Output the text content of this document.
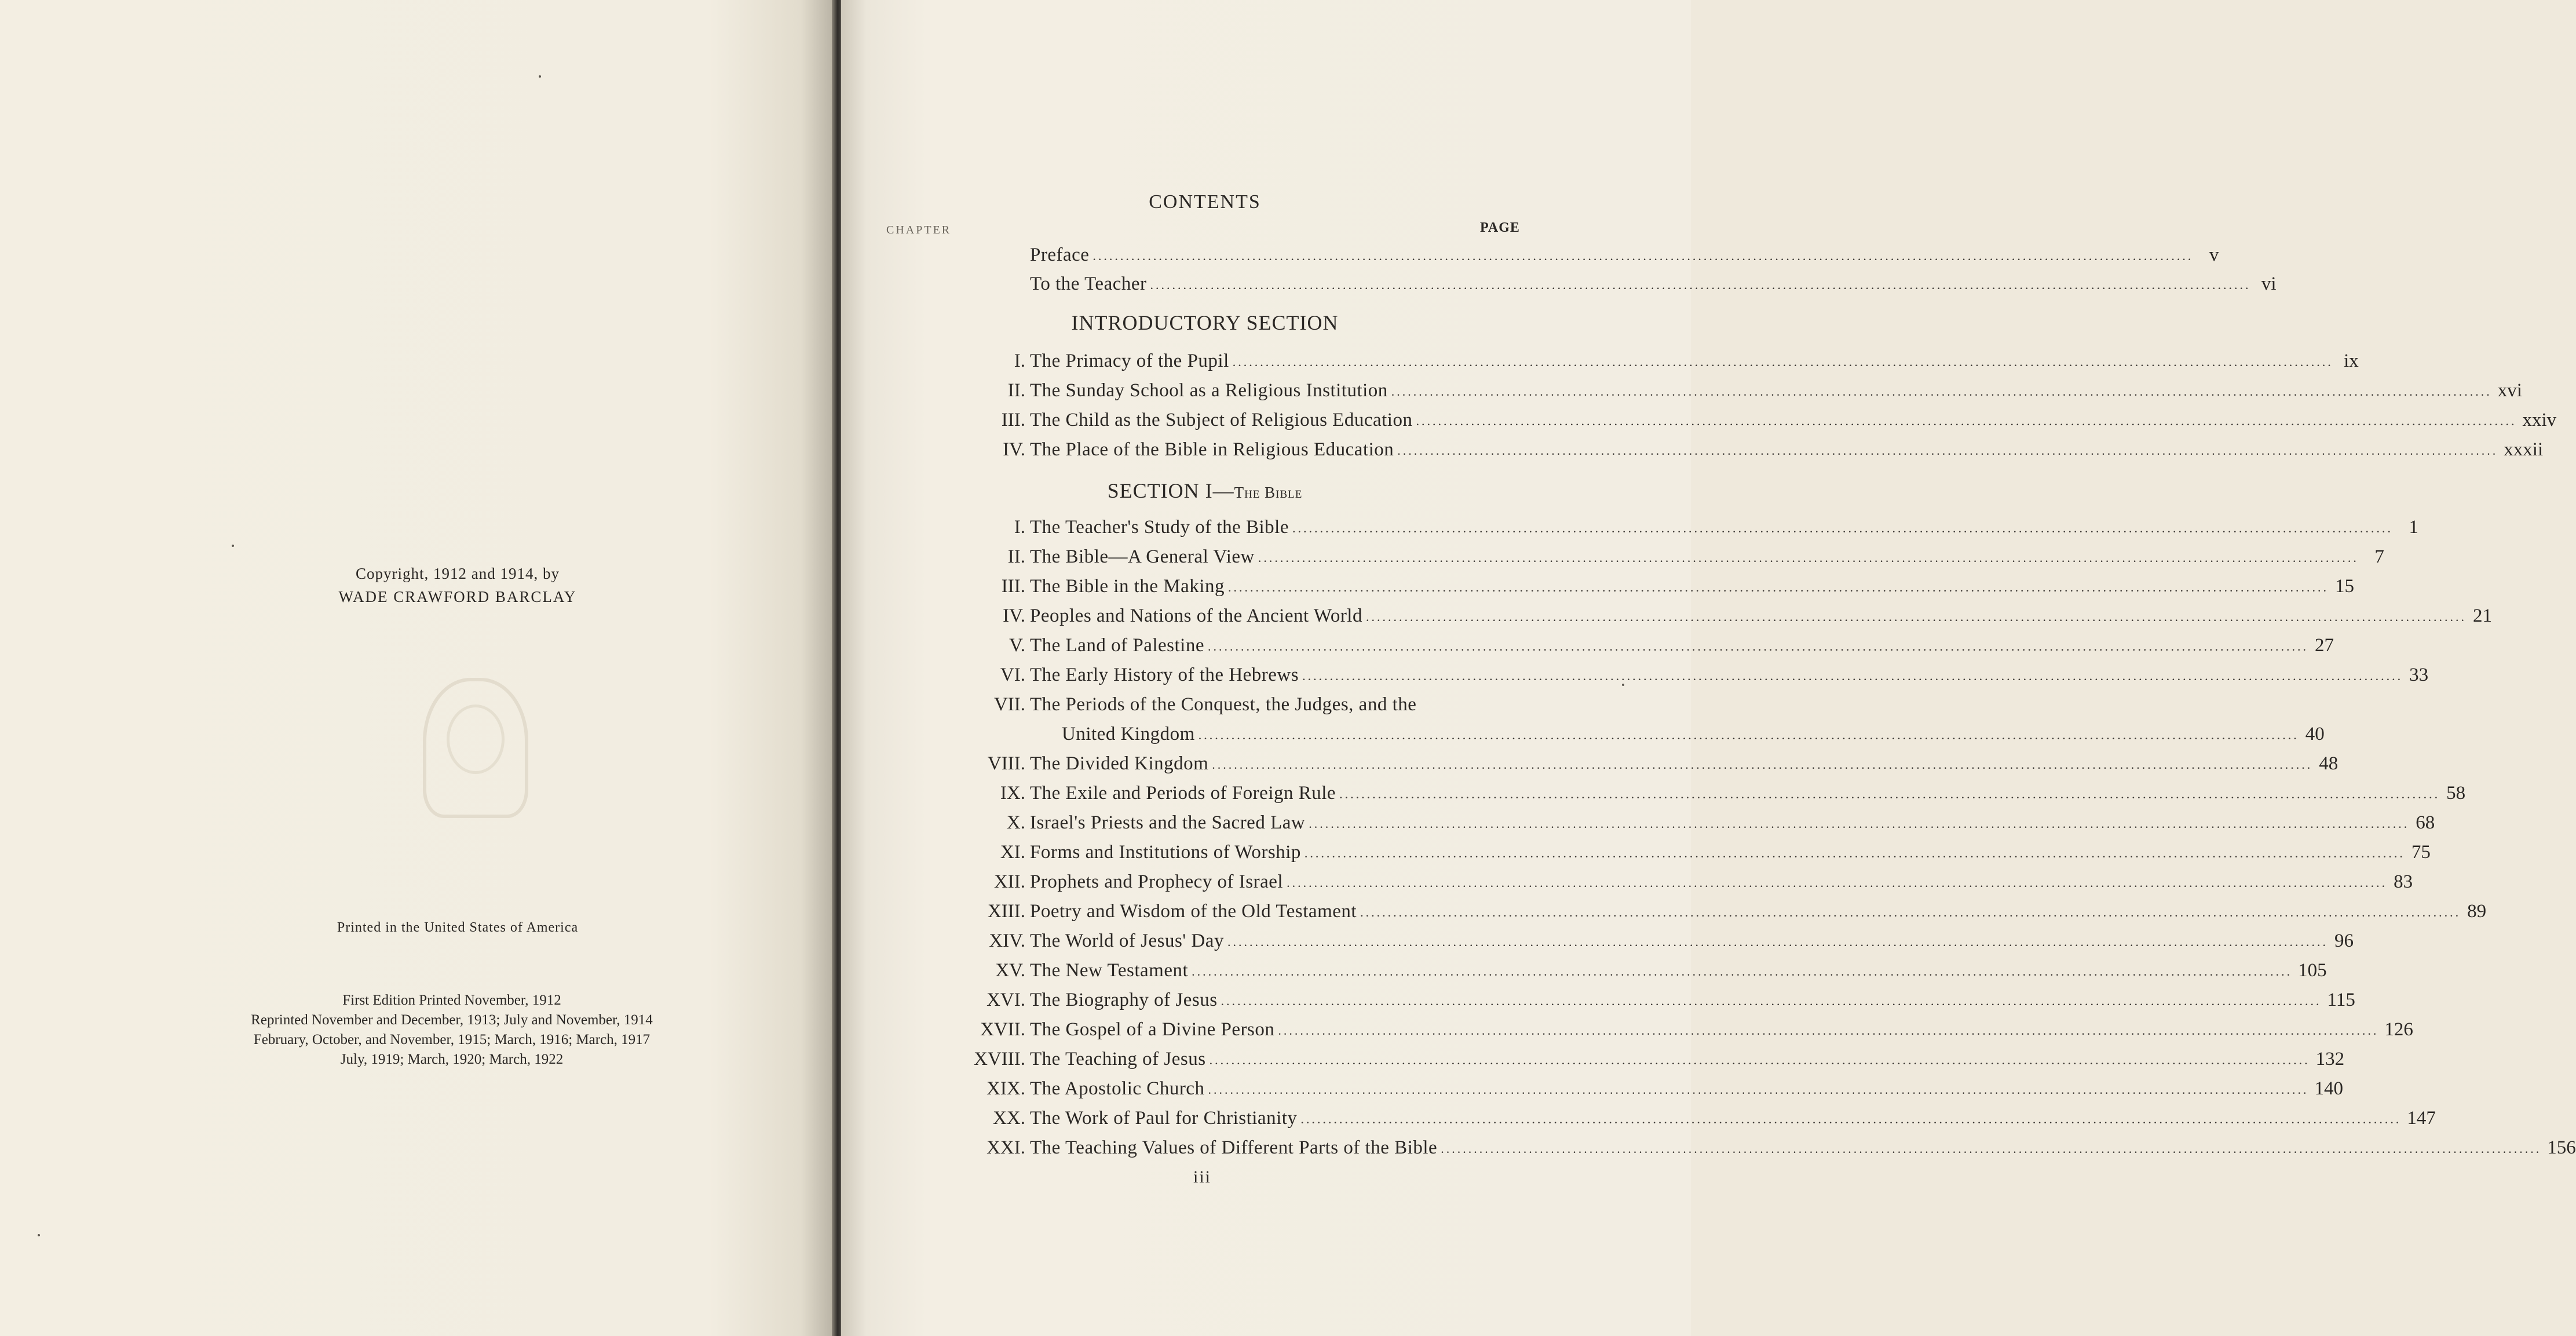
Copyright, 1912 and 1914, by
WADE CRAWFORD BARCLAY
Printed in the United States of America
First Edition Printed November, 1912
Reprinted November and December, 1913; July and November, 1914
February, October, and November, 1915; March, 1916; March, 1917
July, 1919; March, 1920; March, 1922
CONTENTS
CHAPTER	PAGE
Preface ........................................................................................................................................................................................................ v
To the Teacher ........................................................................................................................................................................................................ vi
I. The Primacy of the Pupil ........................................................................................................................................................................................................ ix
II. The Sunday School as a Religious Institution ........................................................................................................................................................................................................ xvi
III. The Child as the Subject of Religious Education ........................................................................................................................................................................................................ xxiv
IV. The Place of the Bible in Religious Education ........................................................................................................................................................................................................ xxxii
I. The Teacher's Study of the Bible ........................................................................................................................................................................................................ 1
II. The Bible—A General View ........................................................................................................................................................................................................ 7
III. The Bible in the Making ........................................................................................................................................................................................................ 15
IV. Peoples and Nations of the Ancient World ........................................................................................................................................................................................................ 21
V. The Land of Palestine ........................................................................................................................................................................................................ 27
VI. The Early History of the Hebrews ........................................................................................................................................................................................................ 33
VII. The Periods of the Conquest, the Judges, and the
United Kingdom ........................................................................................................................................................................................................ 40
VIII. The Divided Kingdom ........................................................................................................................................................................................................ 48
IX. The Exile and Periods of Foreign Rule ........................................................................................................................................................................................................ 58
X. Israel's Priests and the Sacred Law ........................................................................................................................................................................................................ 68
XI. Forms and Institutions of Worship ........................................................................................................................................................................................................ 75
XII. Prophets and Prophecy of Israel ........................................................................................................................................................................................................ 83
XIII. Poetry and Wisdom of the Old Testament ........................................................................................................................................................................................................ 89
XIV. The World of Jesus' Day ........................................................................................................................................................................................................ 96
XV. The New Testament ........................................................................................................................................................................................................ 105
XVI. The Biography of Jesus ........................................................................................................................................................................................................ 115
XVII. The Gospel of a Divine Person ........................................................................................................................................................................................................ 126
XVIII. The Teaching of Jesus ........................................................................................................................................................................................................ 132
XIX. The Apostolic Church ........................................................................................................................................................................................................ 140
XX. The Work of Paul for Christianity ........................................................................................................................................................................................................ 147
XXI. The Teaching Values of Different Parts of the Bible ........................................................................................................................................................................................................ 156
INTRODUCTORY SECTION
SECTION I—The Bible
iii
